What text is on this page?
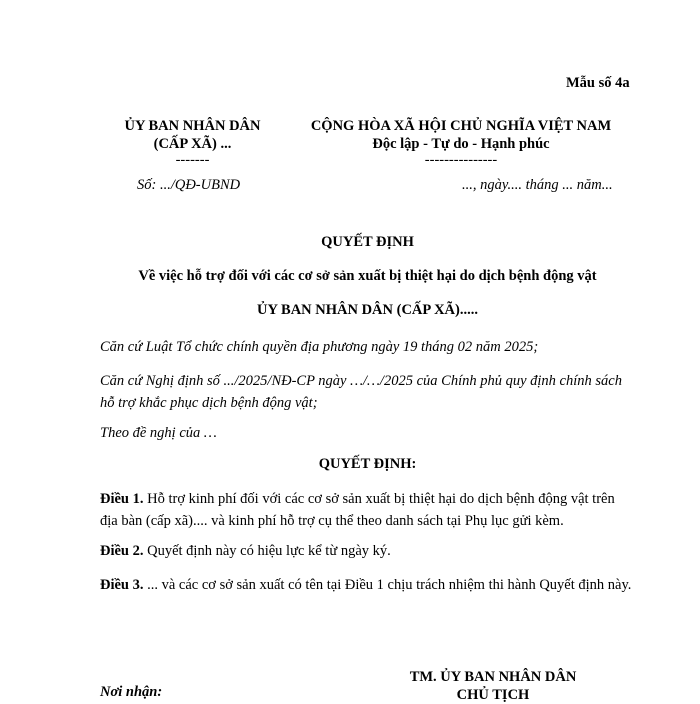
Mẫu số 4a
ỦY BAN NHÂN DÂN
(CẤP XÃ) ...
-------
Số: .../QĐ-UBND
CỘNG HÒA XÃ HỘI CHỦ NGHĨA VIỆT NAM
Độc lập - Tự do - Hạnh phúc
---------------
..., ngày.... tháng ... năm...
QUYẾT ĐỊNH
Về việc hỗ trợ đối với các cơ sở sản xuất bị thiệt hại do dịch bệnh động vật
ỦY BAN NHÂN DÂN (CẤP XÃ).....
Căn cứ Luật Tổ chức chính quyền địa phương ngày 19 tháng 02 năm 2025;
Căn cứ Nghị định số .../2025/NĐ-CP ngày …/…/2025 của Chính phủ quy định chính sách hỗ trợ khắc phục dịch bệnh động vật;
Theo đề nghị của …
QUYẾT ĐỊNH:
Điều 1. Hỗ trợ kinh phí đối với các cơ sở sản xuất bị thiệt hại do dịch bệnh động vật trên địa bàn (cấp xã).... và kinh phí hỗ trợ cụ thể theo danh sách tại Phụ lục gửi kèm.
Điều 2. Quyết định này có hiệu lực kể từ ngày ký.
Điều 3. ... và các cơ sở sản xuất có tên tại Điều 1 chịu trách nhiệm thi hành Quyết định này.
Nơi nhận:
TM. ỦY BAN NHÂN DÂN
CHỦ TỊCH
